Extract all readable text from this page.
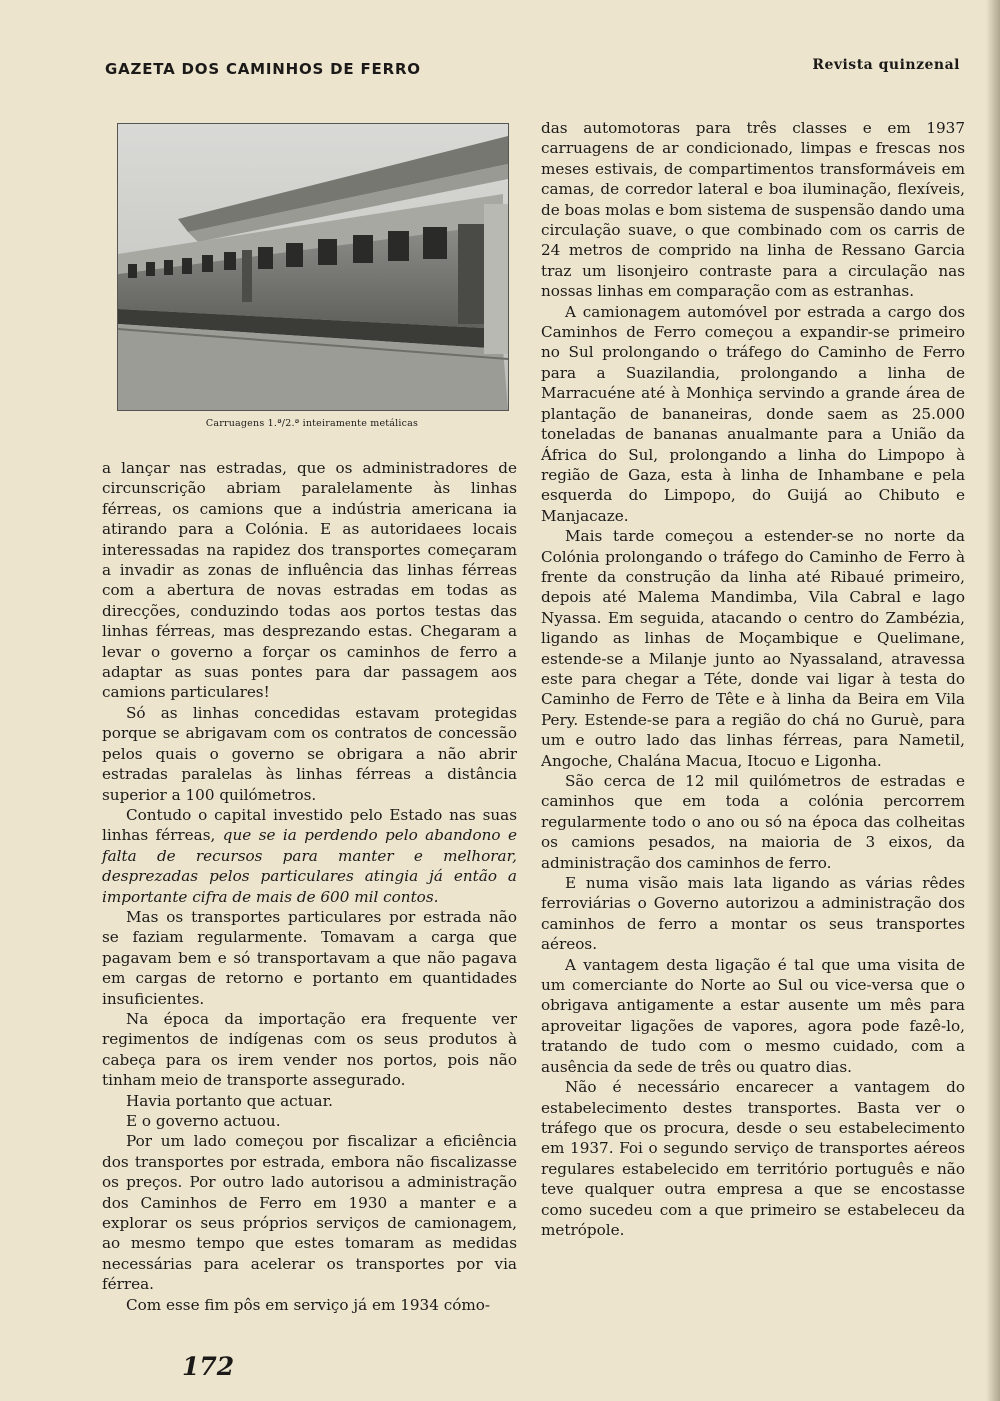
GAZETA DOS CAMINHOS DE FERRO	Revista quinzenal
Carruagens 1.ª/2.ª inteiramente metálicas

a lançar nas estradas, que os administradores de circunscrição abriam paralelamente às linhas férreas, os camions que a indústria americana ia atirando para a Colónia. E as autoridaees locais interessadas na rapidez dos transportes começaram a invadir as zonas de influência das linhas férreas com a abertura de novas estradas em todas as direcções, conduzindo todas aos portos testas das linhas férreas, mas desprezando estas. Chegaram a levar o governo a forçar os caminhos de ferro a adaptar as suas pontes para dar passagem aos camions particulares!

Só as linhas concedidas estavam protegidas porque se abrigavam com os contratos de concessão pelos quais o governo se obrigara a não abrir estradas paralelas às linhas férreas a distância superior a 100 quilómetros.

Contudo o capital investido pelo Estado nas suas linhas férreas, que se ia perdendo pelo abandono e falta de recursos para manter e melhorar, desprezadas pelos particulares atingia já então a importante cifra de mais de 600 mil contos.

Mas os transportes particulares por estrada não se faziam regularmente. Tomavam a carga que pagavam bem e só transportavam a que não pagava em cargas de retorno e portanto em quantidades insuficientes.

Na época da importação era frequente ver regimentos de indígenas com os seus produtos à cabeça para os irem vender nos portos, pois não tinham meio de transporte assegurado.

Havia portanto que actuar.

E o governo actuou.

Por um lado começou por fiscalizar a eficiência dos transportes por estrada, embora não fiscalizasse os preços. Por outro lado autorisou a administração dos Caminhos de Ferro em 1930 a manter e a explorar os seus próprios serviços de camionagem, ao mesmo tempo que estes tomaram as medidas necessárias para acelerar os transportes por via férrea.

Com esse fim pôs em serviço já em 1934 cómo-

das automotoras para três classes e em 1937 carruagens de ar condicionado, limpas e frescas nos meses estivais, de compartimentos transformáveis em camas, de corredor lateral e boa iluminação, flexíveis, de boas molas e bom sistema de suspensão dando uma circulação suave, o que combinado com os carris de 24 metros de comprido na linha de Ressano Garcia traz um lisonjeiro contraste para a circulação nas nossas linhas em comparação com as estranhas.

A camionagem automóvel por estrada a cargo dos Caminhos de Ferro começou a expandir-se primeiro no Sul prolongando o tráfego do Caminho de Ferro para a Suazilandia, prolongando a linha de Marracuéne até à Monhiça servindo a grande área de plantação de bananeiras, donde saem as 25.000 toneladas de bananas anualmante para a União da África do Sul, prolongando a linha do Limpopo à região de Gaza, esta à linha de Inhambane e pela esquerda do Limpopo, do Guijá ao Chibuto e Manjacaze.

Mais tarde começou a estender-se no norte da Colónia prolongando o tráfego do Caminho de Ferro à frente da construção da linha até Ribaué primeiro, depois até Malema Mandimba, Vila Cabral e lago Nyassa. Em seguida, atacando o centro do Zambézia, ligando as linhas de Moçambique e Quelimane, estende-se a Milanje junto ao Nyassaland, atravessa este para chegar a Téte, donde vai ligar à testa do Caminho de Ferro de Tête e à linha da Beira em Vila Pery. Estende-se para a região do chá no Guruè, para um e outro lado das linhas férreas, para Nametil, Angoche, Chalána Macua, Itocuo e Ligonha.

São cerca de 12 mil quilómetros de estradas e caminhos que em toda a colónia percorrem regularmente todo o ano ou só na época das colheitas os camions pesados, na maioria de 3 eixos, da administração dos caminhos de ferro.

E numa visão mais lata ligando as várias rêdes ferroviárias o Governo autorizou a administração dos caminhos de ferro a montar os seus transportes aéreos.

A vantagem desta ligação é tal que uma visita de um comerciante do Norte ao Sul ou vice-versa que o obrigava antigamente a estar ausente um mês para aproveitar ligações de vapores, agora pode fazê-lo, tratando de tudo com o mesmo cuidado, com a ausência da sede de três ou quatro dias.

Não é necessário encarecer a vantagem do estabelecimento destes transportes. Basta ver o tráfego que os procura, desde o seu estabelecimento em 1937. Foi o segundo serviço de transportes aéreos regulares estabelecido em território português e não teve qualquer outra empresa a que se encostasse como sucedeu com a que primeiro se estabeleceu da metrópole.

172
